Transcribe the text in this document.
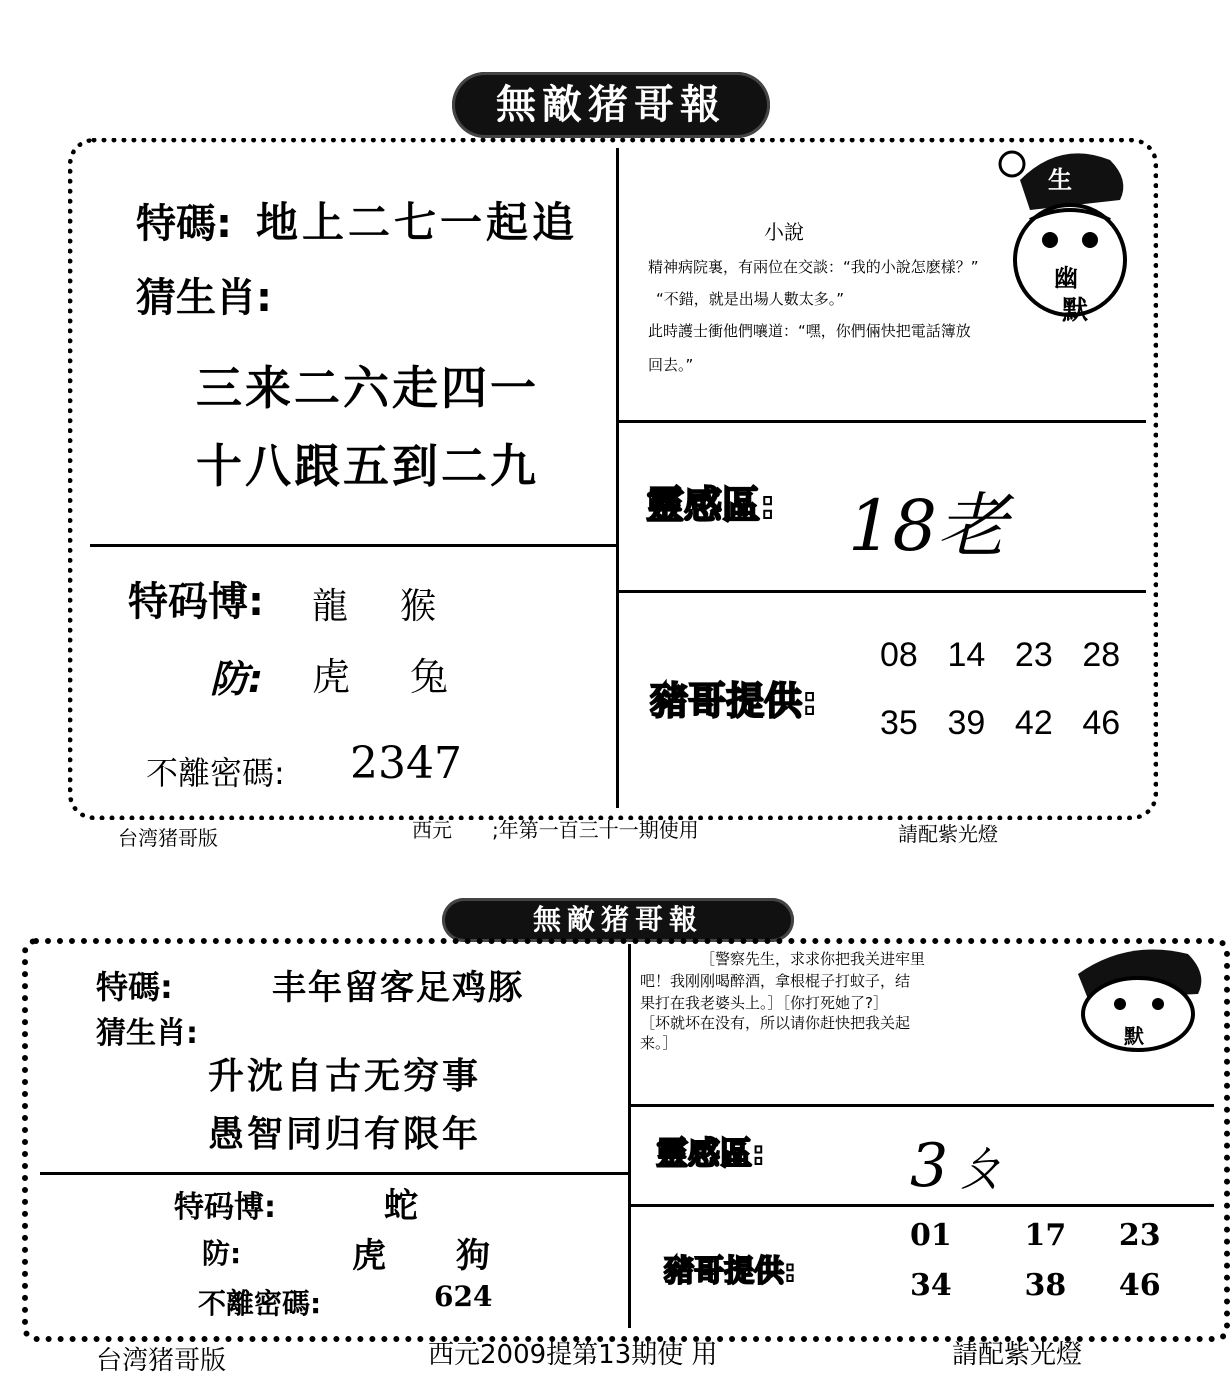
無敵猪哥報
特碼: 地上二七一起追
猜生肖:
三来二六走四一
十八跟五到二九
特码博: 龍 猴
防: 虎 兔
不離密碼: 2347
小說
精神病院裏，有兩位在交談：“我的小說怎麽樣？”
“不錯，就是出場人數太多。”
此時護士衝他們嚷道：“嘿，你們倆快把電話簿放
回去。”
生
幽
默
靈感區: 18老
豬哥提供:
08 14 23 28
35 39 42 46
台湾猪哥版	西元　　;年第一百三十一期使用	請配紫光燈
無敵猪哥報
特碼:	丰年留客足鸡豚
猜生肖:
升沈自古无穷事
愚智同归有限年
特码博:	蛇
防:	虎 狗
不離密碼:	624
［警察先生，求求你把我关进牢里
吧！我刚刚喝醉酒，拿根棍子打蚊子，结
果打在我老婆头上。］［你打死她了?］
［坏就坏在没有，所以请你赶快把我关起
来。］	默
靈感區: 3ㄆ
豬哥提供:
01 17 23
34 38 46
台湾猪哥版	西元2009提第13期使 用	請配紫光燈
